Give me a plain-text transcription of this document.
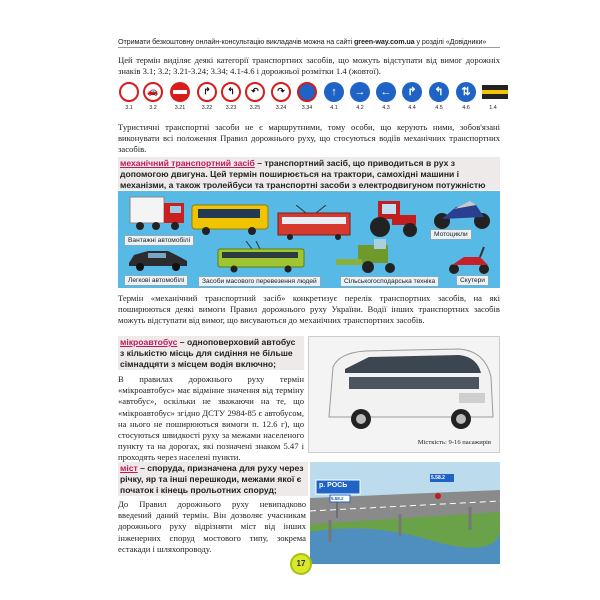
Отримати безкоштовну онлайн-консультацію викладачів можна на сайті green-way.com.ua у розділі «Довідники»
Цей термін виділяє деякі категорії транспортних засобів, що можуть відступати від вимог дорожніх знаків 3.1; 3.2; 3.21-3.24; 3.34; 4.1-4.6 і дорожньої розмітки 1.4 (жовтої).
3.1
🚗
3.2	3.21
↱
3.22
↰
3.23
↶
3.25
↷
3.24	3.34
↑
4.1
→
4.2
←
4.3
↱
4.4
↰
4.5
⇅
4.6	1.4
Туристичні транспортні засоби не є маршрутними, тому особи, що керують ними, зобов'язані виконувати всі положення Правил дорожнього руху, що стосуються водіїв механічних транспортних засобів.
механічний транспортний засіб – транспортний засіб, що приводиться в рух з допомогою двигуна. Цей термін поширюється на трактори, самохідні машини і механізми, а також тролейбуси та транспортні засоби з електродвигуном потужністю
Вантажні автомобілі
Мотоцикли
Легкові автомобілі	Засоби масового перевезення людей	Сільськогосподарська техніка	Скутери
Термін «механічний транспортний засіб» конкретизує перелік транспортних засобів, на які поширюються деякі вимоги Правил дорожнього руху України. Водії інших транспортних засобів можуть відступати від вимог, що висуваються до механічних транспортних засобів.
мікроавтобус – одноповерховий автобус з кількістю місць для сидіння не більше сімнадцяти з місцем водія включно;
В правилах дорожнього руху термін «мікроавтобус» має відмінне значення від терміну «автобус», оскільки не зважаючи на те, що «мікроавтобус» згідно ДСТУ 2984-85 є автобусом, на нього не поширюються вимоги п. 12.6 г), що стосуються швидкості руху за межами населеного пункту та на дорогах, які позначені знаком 5.47 і проходять через населені пункти.
Місткість: 9-16 пасажирів
міст – споруда, призначена для руху через річку, яр та інші перешкоди, межами якої є початок і кінець прольотних споруд;
До Правил дорожнього руху невипадково введений даний термін. Він дозволяє учасникам дорожнього руху відрізняти міст від інших інженерних споруд мостового типу, зокрема естакади і шляхопроводу.
р. РОСЬ
5.58.2
5.58.2
17
